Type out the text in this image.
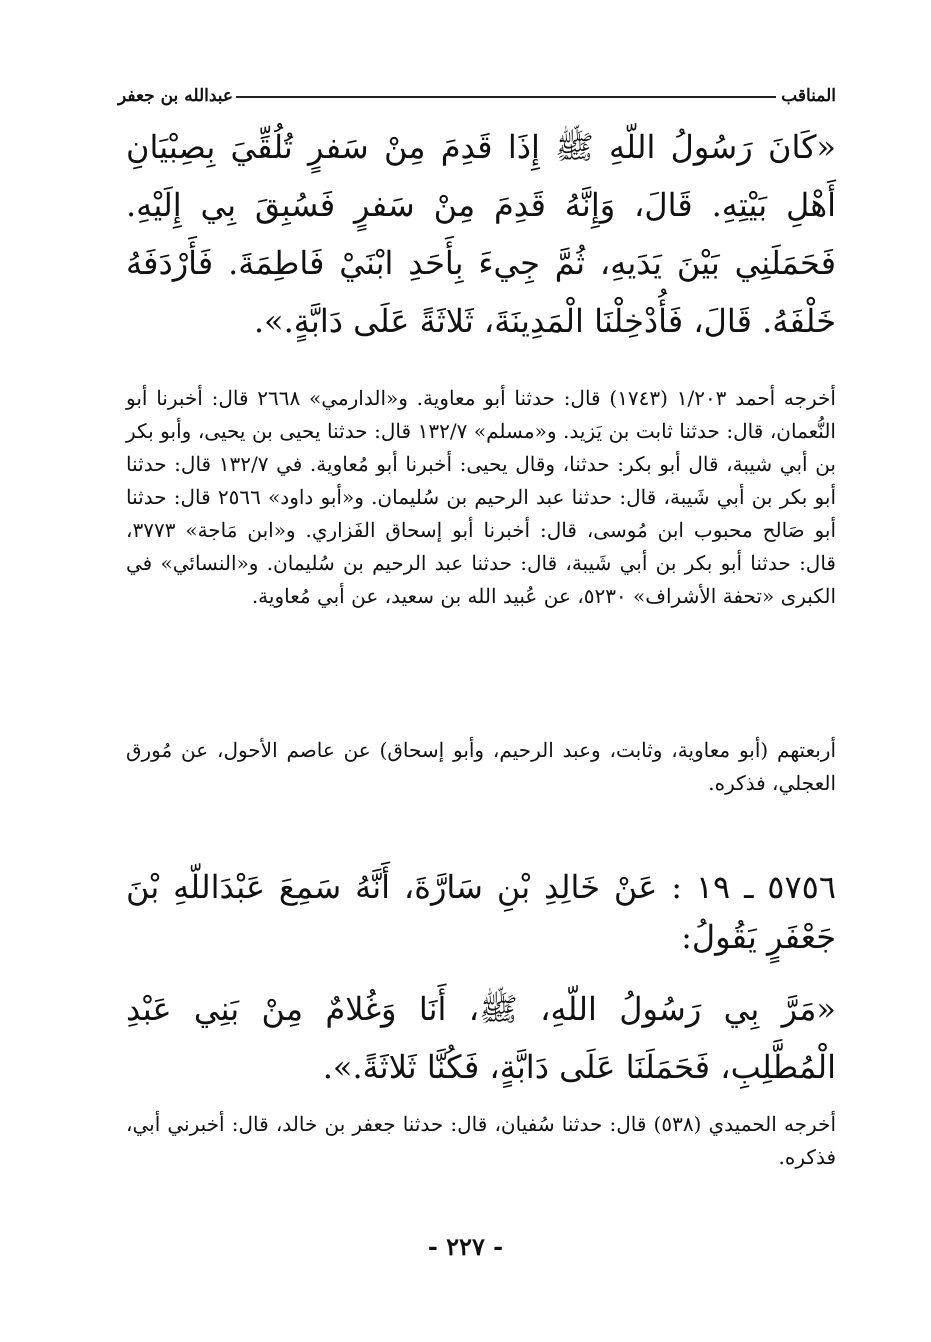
المناقب
عبدالله بن جعفر

«كَانَ رَسُولُ اللّهِ ﷺ إِذَا قَدِمَ مِنْ سَفرٍ تُلُقِّيَ بِصِبْيَانِ أَهْلِ بَيْتِهِ. قَالَ، وَإِنَّهُ قَدِمَ مِنْ سَفرٍ فَسُبِقَ بِي إِلَيْهِ. فَحَمَلَنِي بَيْنَ يَدَيهِ، ثُمَّ جِيءَ بِأَحَدِ ابْنَيْ فَاطِمَةَ. فَأَرْدَفَهُ خَلْفَهُ. قَالَ، فَأُدْخِلْنَا الْمَدِينَةَ، ثَلاثَةً عَلَى دَابَّةٍ.».

أخرجه أحمد ١/٢٠٣ (١٧٤٣) قال: حدثنا أبو معاوية. و«الدارمي» ٢٦٦٨ قال: أخبرنا أبو النُّعمان، قال: حدثنا ثابت بن يَزيد. و«مسلم» ١٣٢/٧ قال: حدثنا يحيى بن يحيى، وأبو بكر بن أبي شيبة، قال أبو بكر: حدثنا، وقال يحيى: أخبرنا أبو مُعاوية. في ١٣٢/٧ قال: حدثنا أبو بكر بن أبي شَيبة، قال: حدثنا عبد الرحيم بن سُليمان. و«أبو داود» ٢٥٦٦ قال: حدثنا أبو صَالح محبوب ابن مُوسى، قال: أخبرنا أبو إسحاق الفَزاري. و«ابن مَاجة» ٣٧٧٣، قال: حدثنا أبو بكر بن أبي شَيبة، قال: حدثنا عبد الرحيم بن سُليمان. و«النسائي» في الكبرى «تحفة الأشراف» ٥٢٣٠، عن عُبيد الله بن سعيد، عن أبي مُعاوية.

أربعتهم (أبو معاوية، وثابت، وعبد الرحيم، وأبو إسحاق) عن عاصم الأحول، عن مُورق العجلي، فذكره.

٥٧٥٦ ـ ١٩ : عَنْ خَالِدِ بْنِ سَارَّةَ، أَنَّهُ سَمِعَ عَبْدَاللّهِ بْنَ جَعْفَرٍ يَقُولُ:

«مَرَّ بِي رَسُولُ اللّهِ، ﷺ، أَنَا وَغُلامٌ مِنْ بَنِي عَبْدِ الْمُطَّلِبِ، فَحَمَلَنَا عَلَى دَابَّةٍ، فَكُنَّا ثَلاثَةً.».

أخرجه الحميدي (٥٣٨) قال: حدثنا سُفيان، قال: حدثنا جعفر بن خالد، قال: أخبرني أبي، فذكره.

- ٢٢٧ -
